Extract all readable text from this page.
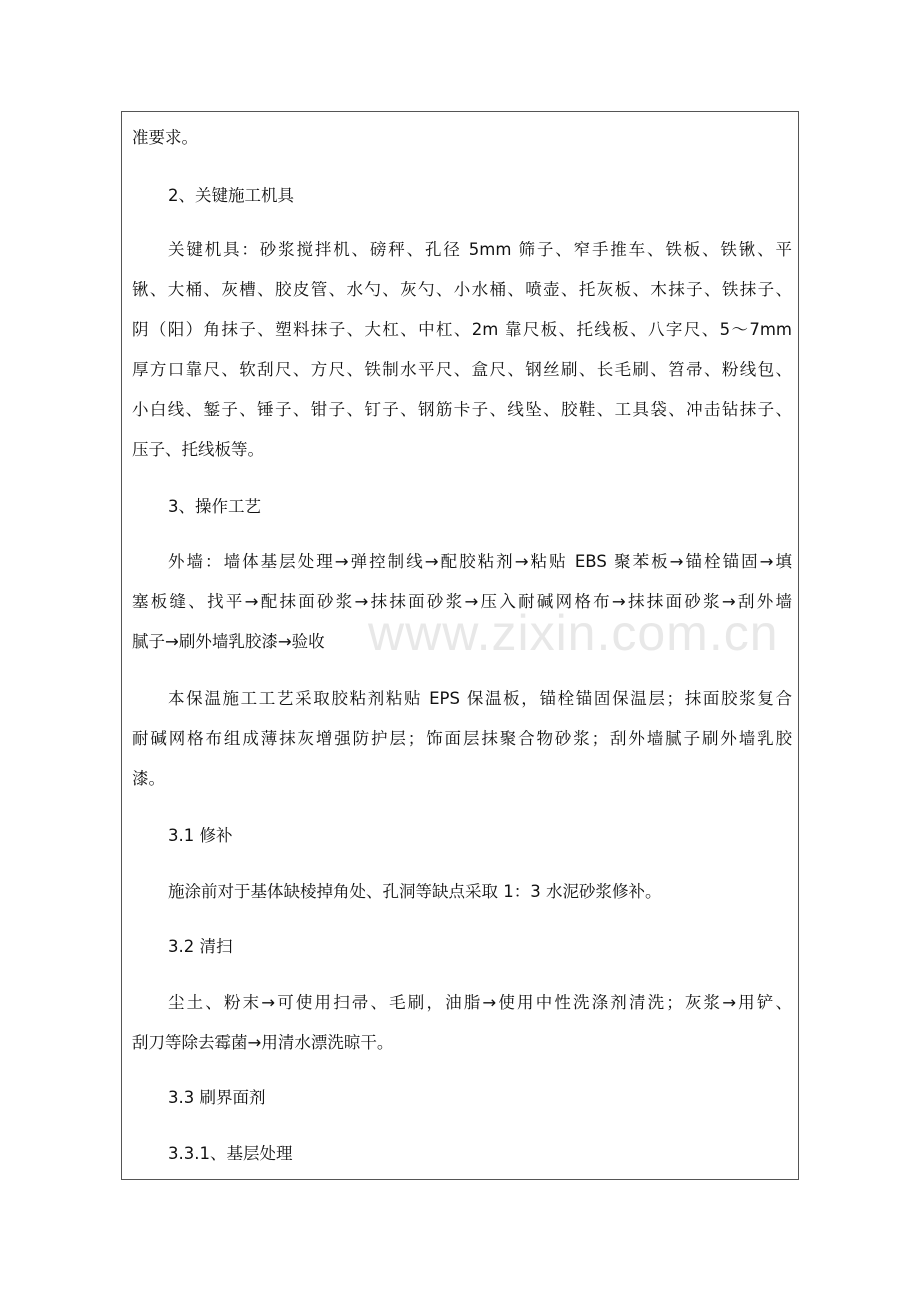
www.zixin.com.cn
准要求。
2、关键施工机具
关键机具：砂浆搅拌机、磅秤、孔径 5mm 筛子、窄手推车、铁板、铁锹、平
锹、大桶、灰槽、胶皮管、水勺、灰勺、小水桶、喷壶、托灰板、木抹子、铁抹子、
阴（阳）角抹子、塑料抹子、大杠、中杠、2m 靠尺板、托线板、八字尺、5～7mm
厚方口靠尺、软刮尺、方尺、铁制水平尺、盒尺、钢丝刷、长毛刷、笤帚、粉线包、
小白线、錾子、锤子、钳子、钉子、钢筋卡子、线坠、胶鞋、工具袋、冲击钻抹子、
压子、托线板等。
3、操作工艺
外墙：墙体基层处理→弹控制线→配胶粘剂→粘贴 EBS 聚苯板→锚栓锚固→填
塞板缝、找平→配抹面砂浆→抹抹面砂浆→压入耐碱网格布→抹抹面砂浆→刮外墙
腻子→刷外墙乳胶漆→验收
本保温施工工艺采取胶粘剂粘贴 EPS 保温板，锚栓锚固保温层；抹面胶浆复合
耐碱网格布组成薄抹灰增强防护层；饰面层抹聚合物砂浆；刮外墙腻子刷外墙乳胶
漆。
3.1 修补
施涂前对于基体缺棱掉角处、孔洞等缺点采取 1：3 水泥砂浆修补。
3.2 清扫
尘土、粉末→可使用扫帚、毛刷，油脂→使用中性洗涤剂清洗；灰浆→用铲、
刮刀等除去霉菌→用清水漂洗晾干。
3.3 刷界面剂
3.3.1、基层处理
